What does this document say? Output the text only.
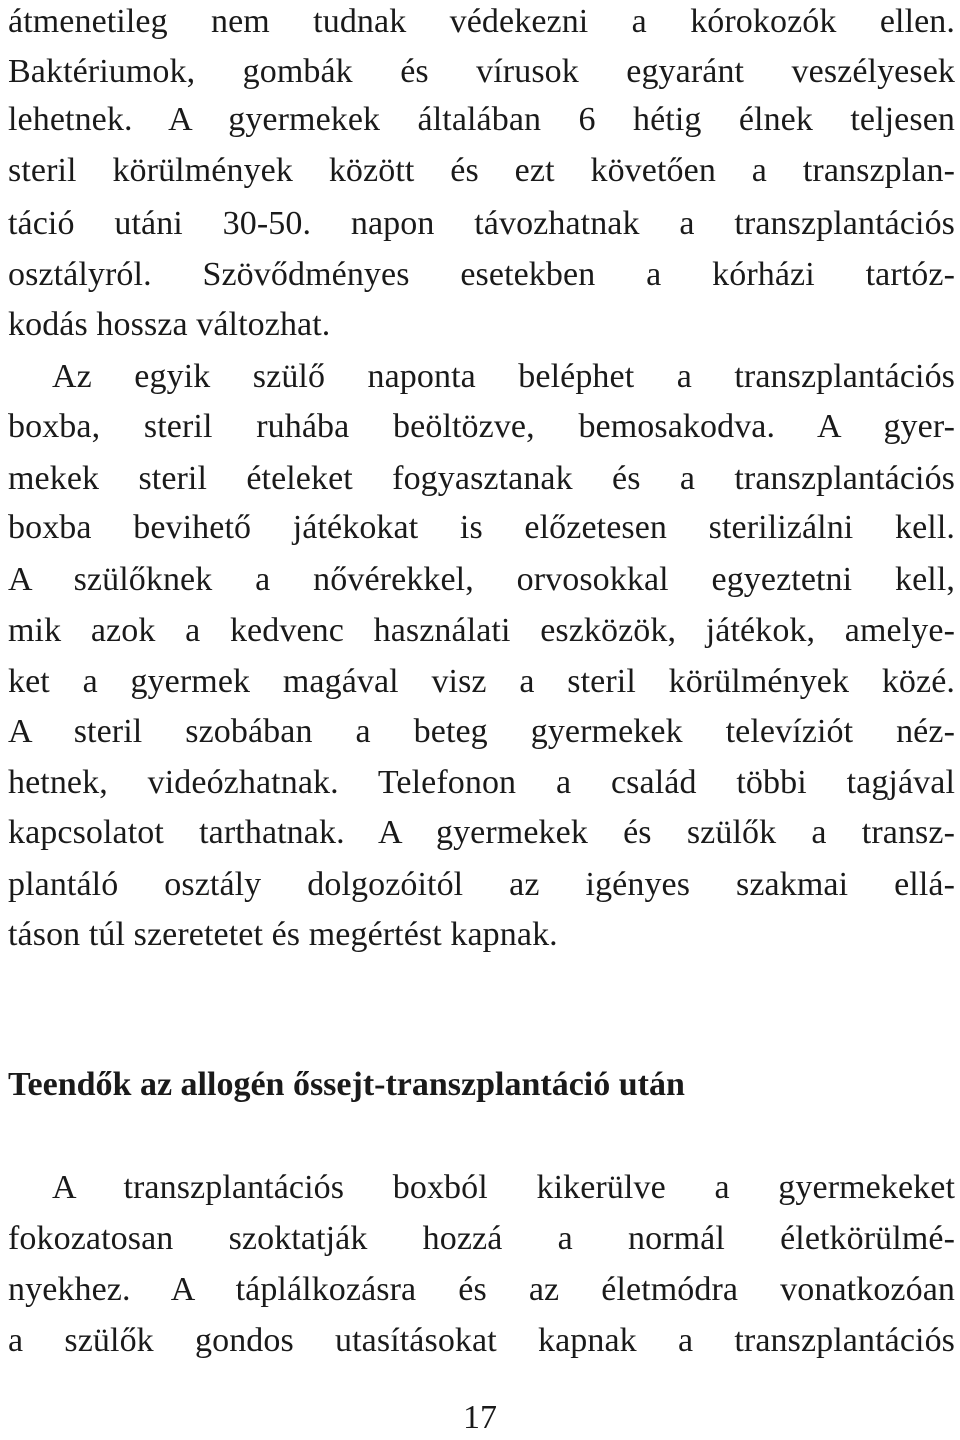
átmenetileg nem tudnak védekezni a kórokozók ellen.
Baktériumok, gombák és vírusok egyaránt veszélyesek
lehetnek. A gyermekek általában 6 hétig élnek teljesen
steril körülmények között és ezt követően a transzplan-
táció utáni 30-50. napon távozhatnak a transzplantációs
osztályról. Szövődményes esetekben a kórházi tartóz-
kodás hossza változhat.
Az egyik szülő naponta beléphet a transzplantációs
boxba, steril ruhába beöltözve, bemosakodva. A gyer-
mekek steril ételeket fogyasztanak és a transzplantációs
boxba bevihető játékokat is előzetesen sterilizálni kell.
A szülőknek a nővérekkel, orvosokkal egyeztetni kell,
mik azok a kedvenc használati eszközök, játékok, amelye-
ket a gyermek magával visz a steril körülmények közé.
A steril szobában a beteg gyermekek televíziót néz-
hetnek, videózhatnak. Telefonon a család többi tagjával
kapcsolatot tarthatnak. A gyermekek és szülők a transz-
plantáló osztály dolgozóitól az igényes szakmai ellá-
táson túl szeretetet és megértést kapnak.
Teendők az allogén őssejt-transzplantáció után
A transzplantációs boxból kikerülve a gyermekeket
fokozatosan szoktatják hozzá a normál életkörülmé-
nyekhez. A táplálkozásra és az életmódra vonatkozóan
a szülők gondos utasításokat kapnak a transzplantációs
17
